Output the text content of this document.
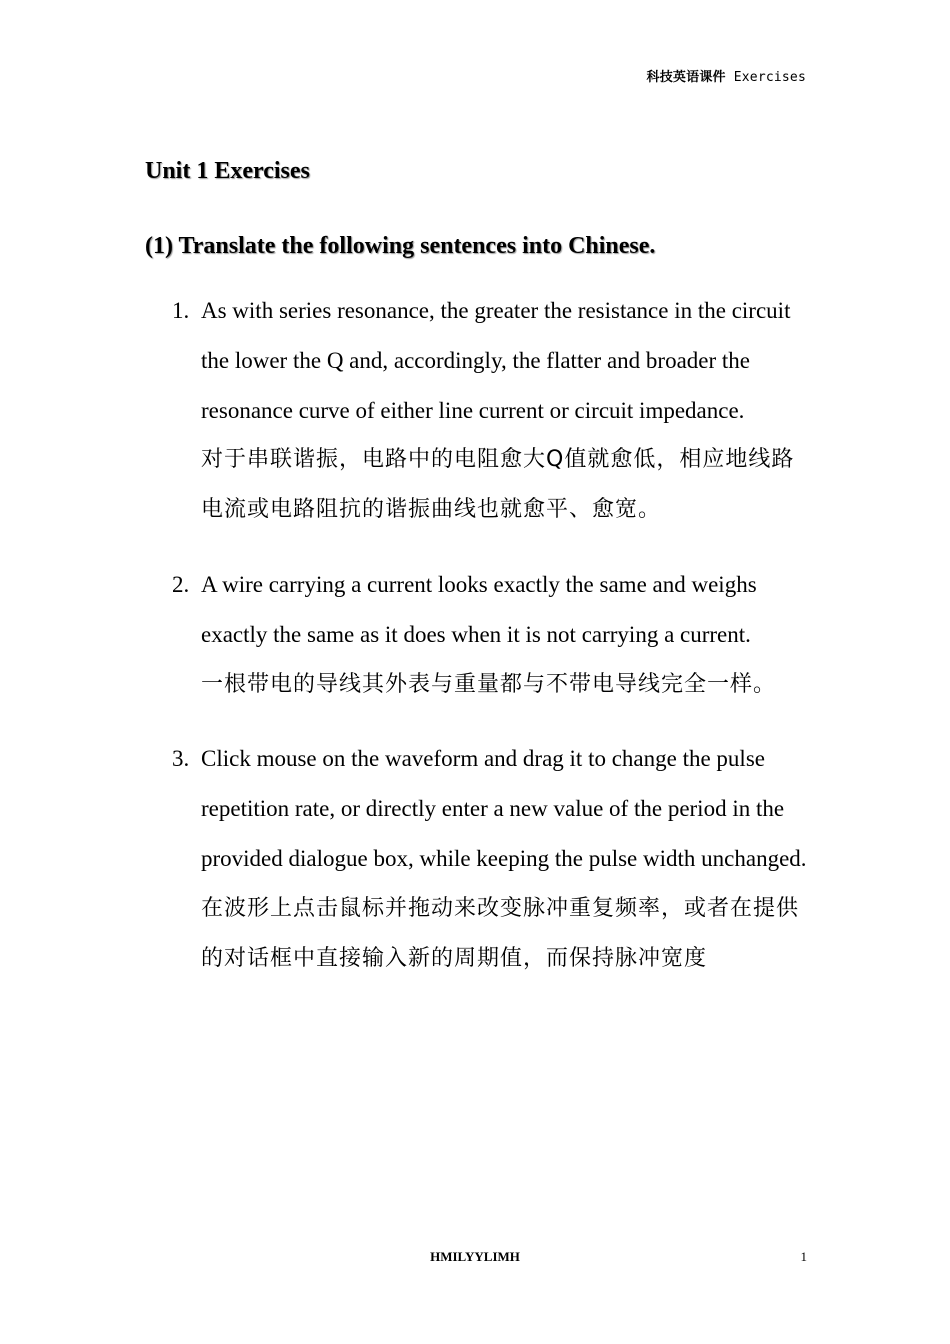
科技英语课件 Exercises
Unit 1 Exercises
(1) Translate the following sentences into Chinese.
1. As with series resonance, the greater the resistance in the circuit the lower the Q and, accordingly, the flatter and broader the resonance curve of either line current or circuit impedance.

对于串联谐振，电路中的电阻愈大Q值就愈低，相应地线路电流或电路阻抗的谐振曲线也就愈平、愈宽。

2. A wire carrying a current looks exactly the same and weighs exactly the same as it does when it is not carrying a current.

一根带电的导线其外表与重量都与不带电导线完全一样。

3. Click mouse on the waveform and drag it to change the pulse repetition rate, or directly enter a new value of the period in the provided dialogue box, while keeping the pulse width unchanged.

在波形上点击鼠标并拖动来改变脉冲重复频率，或者在提供的对话框中直接输入新的周期值，而保持脉冲宽度

HMILYYLIMH	1
